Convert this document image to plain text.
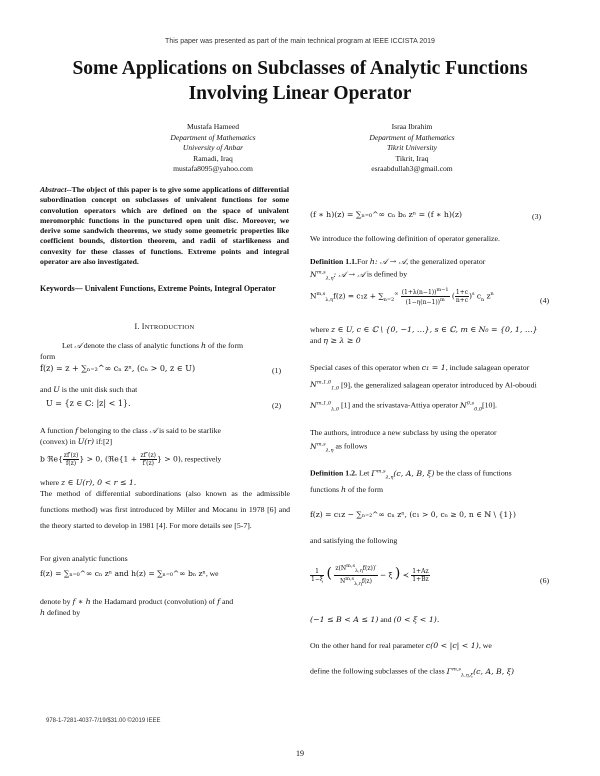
This paper was presented as part of the main technical program at IEEE ICCISTA 2019
Some Applications on Subclasses of Analytic Functions Involving Linear Operator
Mustafa Hameed
Department of Mathematics
University of Anbar
Ramadi, Iraq
mustafa8095@yahoo.com
Israa Ibrahim
Department of Mathematics
Tikrit University
Tikrit, Iraq
esraabdullah3@gmail.com
Abstract--The object of this paper is to give some applications of differential subordination concept on subclasses of univalent functions for some convolution operators which are defined on the space of univalent meromorphic functions in the punctured open unit disc. Moreover, we derive some sandwich theorems, we study some geometric properties like coefficient bounds, distortion theorem, and radii of starlikeness and convexity for these classes of functions. Extreme points and integral operator are also investigated.
Keywords— Univalent Functions, Extreme Points, Integral Operator
I. INTRODUCTION
Let 𝒜 denote the class of analytic functions h of the form
form
f(z) = z + ∑ₙ₌₂^∞ cₙ zⁿ, (cₙ > 0, z ∈ U)	(1)
and U is the unit disk such that
U = {z ∈ ℂ: |z| < 1}.	(2)
A function f belonging to the class 𝒜 is said to be starlike
(convex) in U(r) if:[2]
b ℜe{ $\frac{zf'(z)}{f(z)}$ } > 0, (ℜe{1 + $\frac{zf''(z)}{f'(z)}$ } > 0), respectively
where z ∈ U(r), 0 < r ≤ 1.
The method of differential subordinations (also known as the admissible functions method) was first introduced by Miller and Mocanu in 1978 [6] and the theory started to develop in 1981 [4]. For more details see [5-7].
For given analytic functions
f(z) = ∑ₙ₌₀^∞ cₙ zⁿ and h(z) = ∑ₙ₌₀^∞ bₙ zⁿ, we
denote by f ∗ h the Hadamard product (convolution) of f and
h defined by
(f ∗ h)(z) = ∑ₙ₌₀^∞ cₙ bₙ zⁿ = (f ∗ h)(z)	(3)
We introduce the following definition of operator generalize.
Definition 1.1.For h: 𝒜 → 𝒜, the generalized operator
N$^{m,s}_{\lambda,\eta}$: 𝒜 → 𝒜 is defined by
$N^{m,s}_{\lambda,\eta}f(z) = c_1z + \sum_{n=2}^\infty \frac{(1+\lambda(n-1))^{m-1}}{(1-\eta(n-1))^m}$ ( $\frac{1+c}{n+c} )^s$ $c_n$ $z^n$
(4)
where z ∈ U, c ∈ ℂ \ {0, −1, …}, s ∈ ℂ, m ∈ N₀ = {0, 1, …}
and η ≥ λ ≥ 0
Special cases of this operator when c₁ = 1, include salagean operator N$^{m,1,0}_{1,0}$ [9], the generalized salagean operator introduced by Al-oboudi N$^{m,1,0}_{\lambda,0}$ [1] and the srivastava-Attiya operator N$^{0,s}_{0,0}$[10].
The authors, introduce a new subclass by using the operator
N$^{m,s}_{\lambda,\eta}$ as follows
Definition 1.2. Let Γ$^{m,s}_{\lambda,\eta}$(c, A, B, ξ) be the class of functions
functions h of the form
f(z) = c₁z − ∑ₙ₌₂^∞ cₙ zⁿ, (c₁ > 0, cₙ ≥ 0, n ∈ ℕ \ {1})
and satisfying the following
$\frac{1}{1-\xi}$ ( $\frac{z(N^{m,s}_{\lambda,\eta}f(z))'}{N^{m,s}_{\lambda,\eta}f(z)} - \xi$ ) ≺ $\frac{1+Az}{1+Bz}$	(6)
(−1 ≤ B < A ≤ 1) and (0 < ξ < 1).
On the other hand for real parameter c(0 < |c| < 1), we
define the following subclasses of the class Γ$^{m,s}_{\lambda,\eta,\xi}$(c, A, B, ξ)
978-1-7281-4037-7/19/$31.00 ©2019 IEEE
19
